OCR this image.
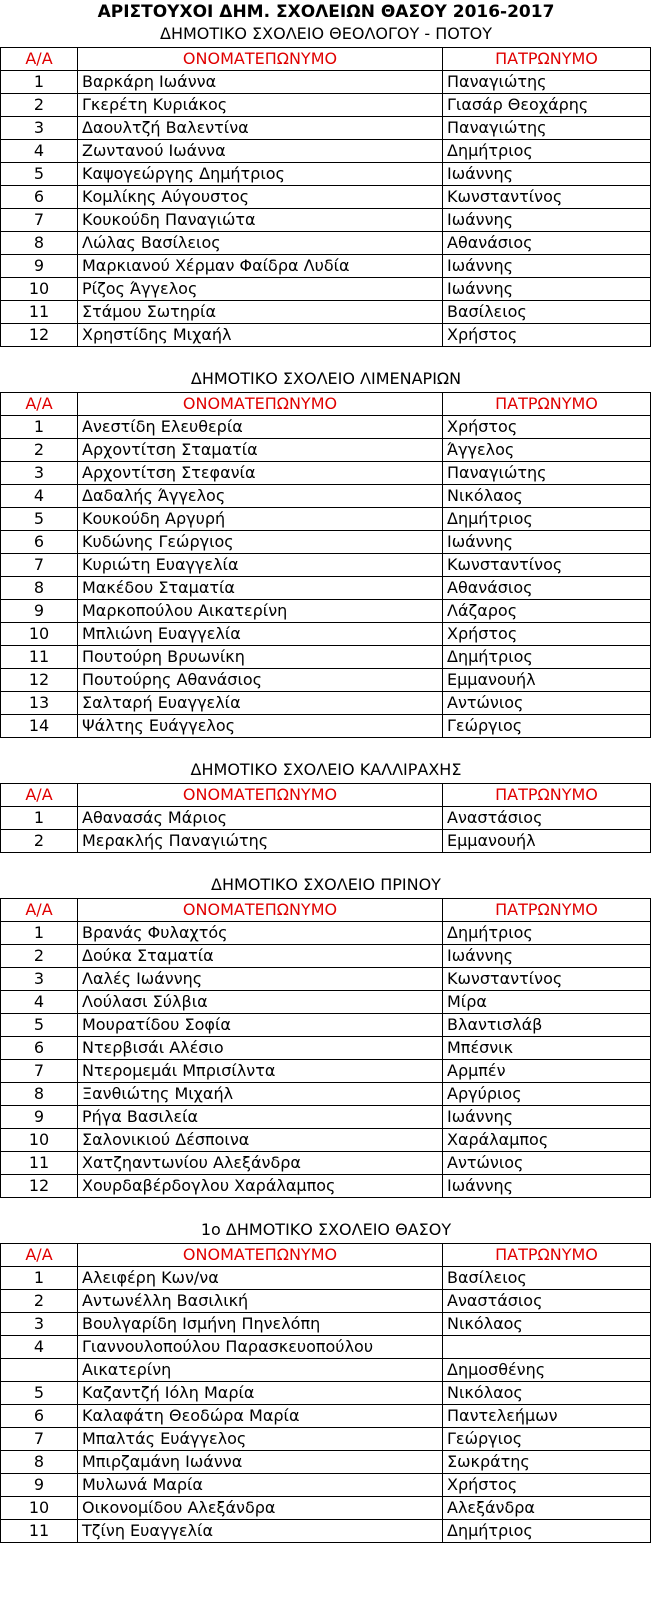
ΑΡΙΣΤΟΥΧΟΙ ΔΗΜ. ΣΧΟΛΕΙΩΝ ΘΑΣΟΥ 2016-2017
ΔΗΜΟΤΙΚΟ ΣΧΟΛΕΙΟ ΘΕΟΛΟΓΟΥ - ΠΟΤΟΥ
Α/Α	ΟΝΟΜΑΤΕΠΩΝΥΜΟ	ΠΑΤΡΩΝΥΜΟ
1	Βαρκάρη Ιωάννα	Παναγιώτης
2	Γκερέτη Κυριάκος	Γιασάρ Θεοχάρης
3	Δαουλτζή Βαλεντίνα	Παναγιώτης
4	Ζωντανού Ιωάννα	Δημήτριος
5	Καψογεώργης Δημήτριος	Ιωάννης
6	Κομλίκης Αύγουστος	Κωνσταντίνος
7	Κουκούδη Παναγιώτα	Ιωάννης
8	Λώλας Βασίλειος	Αθανάσιος
9	Μαρκιανού Χέρμαν Φαίδρα Λυδία	Ιωάννης
10	Ρίζος Άγγελος	Ιωάννης
11	Στάμου Σωτηρία	Βασίλειος
12	Χρηστίδης Μιχαήλ	Χρήστος
ΔΗΜΟΤΙΚΟ ΣΧΟΛΕΙΟ ΛΙΜΕΝΑΡΙΩΝ
Α/Α	ΟΝΟΜΑΤΕΠΩΝΥΜΟ	ΠΑΤΡΩΝΥΜΟ
1	Ανεστίδη Ελευθερία	Χρήστος
2	Αρχοντίτση Σταματία	Άγγελος
3	Αρχοντίτση Στεφανία	Παναγιώτης
4	Δαδαλής Άγγελος	Νικόλαος
5	Κουκούδη Αργυρή	Δημήτριος
6	Κυδώνης Γεώργιος	Ιωάννης
7	Κυριώτη Ευαγγελία	Κωνσταντίνος
8	Μακέδου Σταματία	Αθανάσιος
9	Μαρκοπούλου Αικατερίνη	Λάζαρος
10	Μπλιώνη Ευαγγελία	Χρήστος
11	Πουτούρη Βρυωνίκη	Δημήτριος
12	Πουτούρης Αθανάσιος	Εμμανουήλ
13	Σαλταρή Ευαγγελία	Αντώνιος
14	Ψάλτης Ευάγγελος	Γεώργιος
ΔΗΜΟΤΙΚΟ ΣΧΟΛΕΙΟ ΚΑΛΛΙΡΑΧΗΣ
Α/Α	ΟΝΟΜΑΤΕΠΩΝΥΜΟ	ΠΑΤΡΩΝΥΜΟ
1	Αθανασάς Μάριος	Αναστάσιος
2	Μερακλής Παναγιώτης	Εμμανουήλ
ΔΗΜΟΤΙΚΟ ΣΧΟΛΕΙΟ ΠΡΙΝΟΥ
Α/Α	ΟΝΟΜΑΤΕΠΩΝΥΜΟ	ΠΑΤΡΩΝΥΜΟ
1	Βρανάς Φυλαχτός	Δημήτριος
2	Δούκα Σταματία	Ιωάννης
3	Λαλές Ιωάννης	Κωνσταντίνος
4	Λούλασι Σύλβια	Μίρα
5	Μουρατίδου Σοφία	Βλαντισλάβ
6	Ντερβισάι Αλέσιο	Μπέσνικ
7	Ντερομεμάι Μπρισίλντα	Αρμπέν
8	Ξανθιώτης Μιχαήλ	Αργύριος
9	Ρήγα Βασιλεία	Ιωάννης
10	Σαλονικιού Δέσποινα	Χαράλαμπος
11	Χατζηαντωνίου Αλεξάνδρα	Αντώνιος
12	Χουρδαβέρδογλου Χαράλαμπος	Ιωάννης
1ο ΔΗΜΟΤΙΚΟ ΣΧΟΛΕΙΟ ΘΑΣΟΥ
Α/Α	ΟΝΟΜΑΤΕΠΩΝΥΜΟ	ΠΑΤΡΩΝΥΜΟ
1	Αλειφέρη Κων/να	Βασίλειος
2	Αντωνέλλη Βασιλική	Αναστάσιος
3	Βουλγαρίδη Ισμήνη Πηνελόπη	Νικόλαος
4	Γιαννουλοπούλου Παρασκευοπούλου	
	Αικατερίνη	Δημοσθένης
5	Καζαντζή Ιόλη Μαρία	Νικόλαος
6	Καλαφάτη Θεοδώρα Μαρία	Παντελεήμων
7	Μπαλτάς Ευάγγελος	Γεώργιος
8	Μπιρζαμάνη Ιωάννα	Σωκράτης
9	Μυλωνά Μαρία	Χρήστος
10	Οικονομίδου Αλεξάνδρα	Αλεξάνδρα
11	Τζίνη Ευαγγελία	Δημήτριος
